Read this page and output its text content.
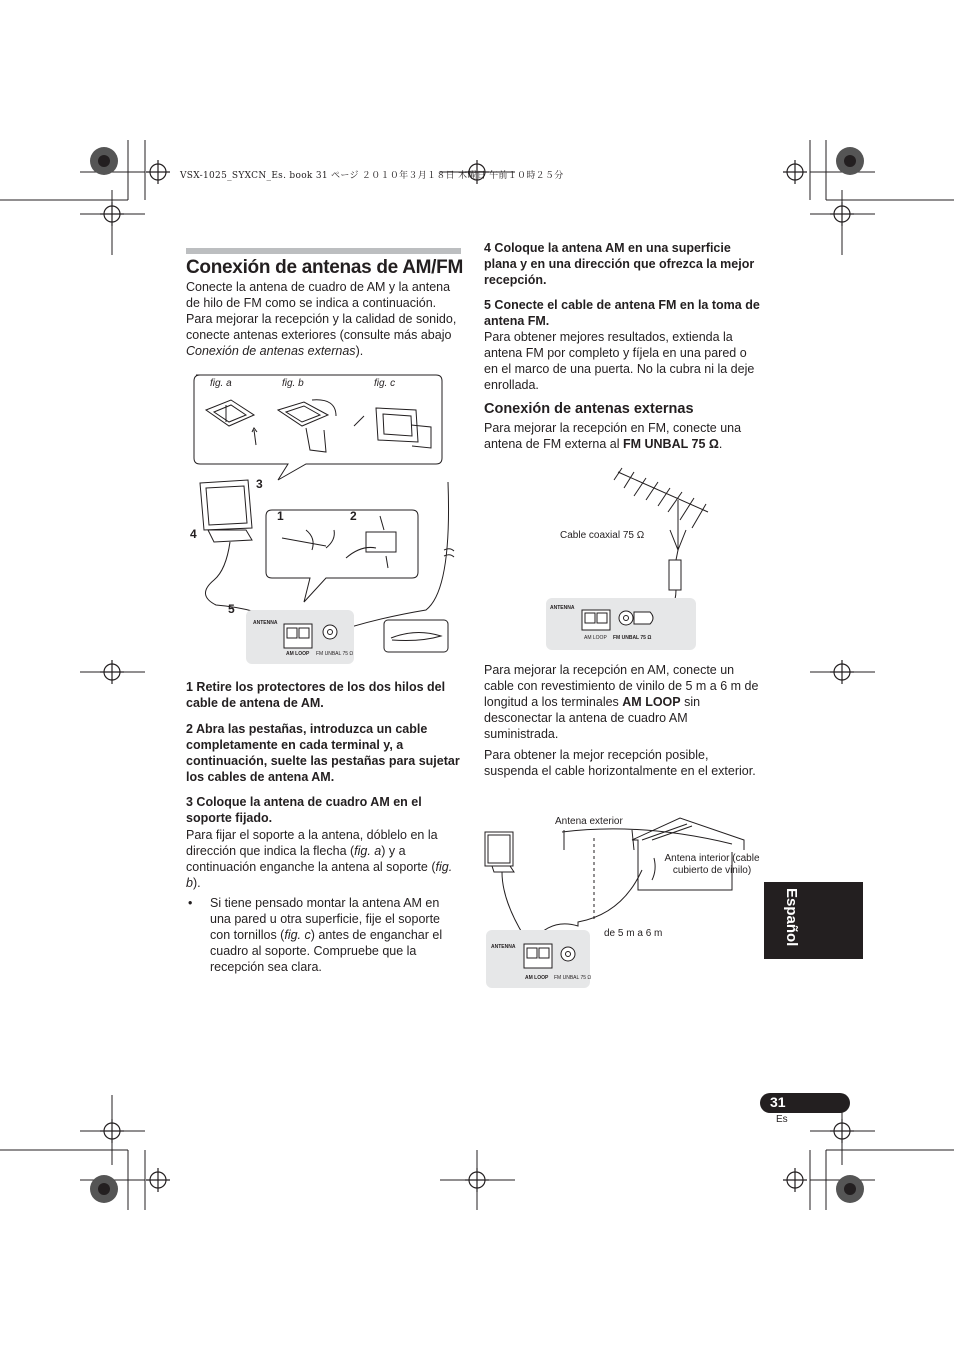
VSX-1025_SYXCN_Es. book 31 ページ ２０１０年３月１８日 木曜日 午前１０時２５分
Conexión de antenas de AM/FM

Conecte la antena de cuadro de AM y la antena de hilo de FM como se indica a continuación. Para mejorar la recepción y la calidad de sonido, conecte antenas exteriores (consulte más abajo Conexión de antenas externas).

fig. a	fig. b	fig. c
3
1	2
4
5
ANTENNA
AM LOOP FM UNBAL 75 Ω

1 Retire los protectores de los dos hilos del cable de antena de AM.

2 Abra las pestañas, introduzca un cable completamente en cada terminal y, a continuación, suelte las pestañas para sujetar los cables de antena AM.

3 Coloque la antena de cuadro AM en el soporte fijado.

Para fijar el soporte a la antena, dóblelo en la dirección que indica la flecha (fig. a) y a continuación enganche la antena al soporte (fig. b).

•	Si tiene pensado montar la antena AM en una pared u otra superficie, fije el soporte con tornillos (fig. c) antes de enganchar el cuadro al soporte. Compruebe que la recepción sea clara.

4 Coloque la antena AM en una superficie plana y en una dirección que ofrezca la mejor recepción.

5 Conecte el cable de antena FM en la toma de antena FM.

Para obtener mejores resultados, extienda la antena FM por completo y fíjela en una pared o en el marco de una puerta. No la cubra ni la deje enrollada.

Conexión de antenas externas

Para mejorar la recepción en FM, conecte una antena de FM externa al FM UNBAL 75 Ω.

Cable coaxial 75 Ω
ANTENNA
AM LOOP FM UNBAL 75 Ω

Para mejorar la recepción en AM, conecte un cable con revestimiento de vinilo de 5 m a 6 m de longitud a los terminales AM LOOP sin desconectar la antena de cuadro AM suministrada.

Para obtener la mejor recepción posible, suspenda el cable horizontalmente en el exterior.

Antena exterior
Antena interior (cable cubierto de vinilo)
de 5 m a 6 m
ANTENNA
AM LOOP FM UNBAL 75 Ω
Español
31
Es
